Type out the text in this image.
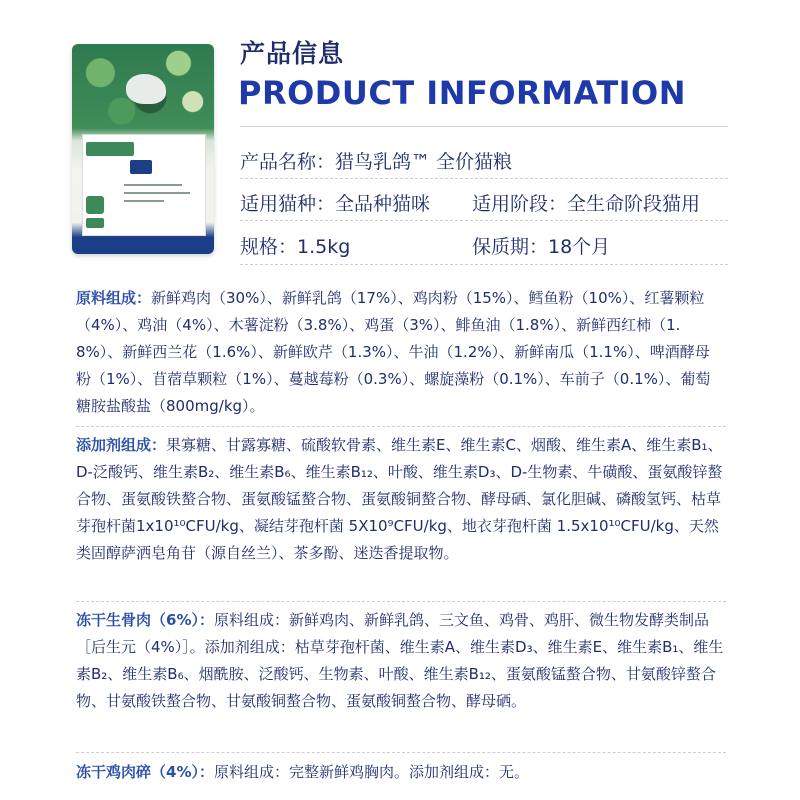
产品信息
PRODUCT INFORMATION
产品名称：猎鸟乳鸽™ 全价猫粮
适用猫种：全品种猫咪 适用阶段：全生命阶段猫用
规格：1.5kg	保质期：18个月
原料组成：新鲜鸡肉（30%）、新鲜乳鸽（17%）、鸡肉粉（15%）、鳕鱼粉（10%）、红薯颗粒（4%）、鸡油（4%）、木薯淀粉（3.8%）、鸡蛋（3%）、鲱鱼油（1.8%）、新鲜西红柿（1.8%）、新鲜西兰花（1.6%）、新鲜欧芹（1.3%）、牛油（1.2%）、新鲜南瓜（1.1%）、啤酒酵母粉（1%）、苜蓿草颗粒（1%）、蔓越莓粉（0.3%）、螺旋藻粉（0.1%）、车前子（0.1%）、葡萄糖胺盐酸盐（800mg/kg）。
添加剂组成：果寡糖、甘露寡糖、硫酸软骨素、维生素E、维生素C、烟酸、维生素A、维生素B₁、D-泛酸钙、维生素B₂、维生素B₆、维生素B₁₂、叶酸、维生素D₃、D-生物素、牛磺酸、蛋氨酸锌螯合物、蛋氨酸铁螯合物、蛋氨酸锰螯合物、蛋氨酸铜螯合物、酵母硒、氯化胆碱、磷酸氢钙、枯草芽孢杆菌1x10¹⁰CFU/kg、凝结芽孢杆菌 5X10⁹CFU/kg、地衣芽孢杆菌 1.5x10¹⁰CFU/kg、天然类固醇萨洒皂角苷（源自丝兰）、茶多酚、迷迭香提取物。
冻干生骨肉（6%）：原料组成：新鲜鸡肉、新鲜乳鸽、三文鱼、鸡骨、鸡肝、微生物发酵类制品［后生元（4%）］。添加剂组成：枯草芽孢杆菌、维生素A、维生素D₃、维生素E、维生素B₁、维生素B₂、维生素B₆、烟酰胺、泛酸钙、生物素、叶酸、维生素B₁₂、蛋氨酸锰螯合物、甘氨酸锌螯合物、甘氨酸铁螯合物、甘氨酸铜螯合物、蛋氨酸铜螯合物、酵母硒。
冻干鸡肉碎（4%）：原料组成：完整新鲜鸡胸肉。添加剂组成：无。
